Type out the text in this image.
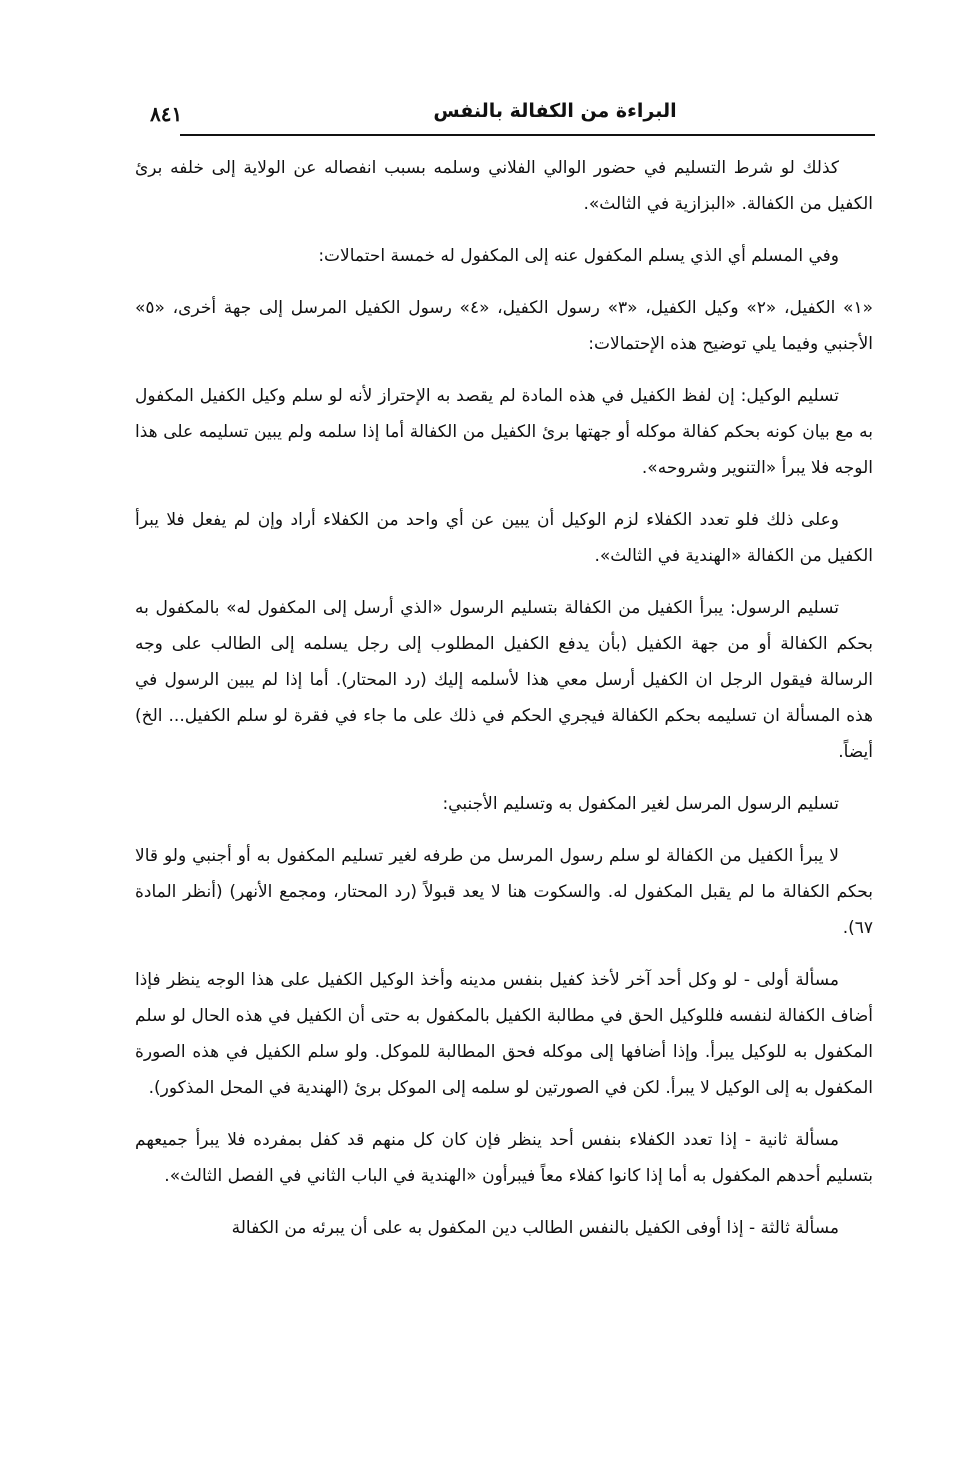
٨٤١	البراءة من الكفالة بالنفس

كذلك لو شرط التسليم في حضور الوالي الفلاني وسلمه بسبب انفصاله عن الولاية إلى خلفه برئ الكفيل من الكفالة. «البزازية في الثالث».

وفي المسلم أي الذي يسلم المكفول عنه إلى المكفول له خمسة احتمالات:

«١» الكفيل، «٢» وكيل الكفيل، «٣» رسول الكفيل، «٤» رسول الكفيل المرسل إلى جهة أخرى، «٥» الأجنبي وفيما يلي توضيح هذه الإحتمالات:

تسليم الوكيل: إن لفظ الكفيل في هذه المادة لم يقصد به الإحتراز لأنه لو سلم وكيل الكفيل المكفول به مع بيان كونه بحكم كفالة موكله أو جهتها برئ الكفيل من الكفالة أما إذا سلمه ولم يبين تسليمه على هذا الوجه فلا يبرأ «التنوير وشروحه».

وعلى ذلك فلو تعدد الكفلاء لزم الوكيل أن يبين عن أي واحد من الكفلاء أراد وإن لم يفعل فلا يبرأ الكفيل من الكفالة «الهندية في الثالث».

تسليم الرسول: يبرأ الكفيل من الكفالة بتسليم الرسول «الذي أرسل إلى المكفول له» بالمكفول به بحكم الكفالة أو من جهة الكفيل (بأن يدفع الكفيل المطلوب إلى رجل يسلمه إلى الطالب على وجه الرسالة فيقول الرجل ان الكفيل أرسل معي هذا لأسلمه إليك (رد المحتار). أما إذا لم يبين الرسول في هذه المسألة ان تسليمه بحكم الكفالة فيجري الحكم في ذلك على ما جاء في فقرة لو سلم الكفيل... الخ) أيضاً.

تسليم الرسول المرسل لغير المكفول به وتسليم الأجنبي:

لا يبرأ الكفيل من الكفالة لو سلم رسول المرسل من طرفه لغير تسليم المكفول به أو أجنبي ولو قالا بحكم الكفالة ما لم يقبل المكفول له. والسكوت هنا لا يعد قبولاً (رد المحتار، ومجمع الأنهر) (أنظر المادة ٦٧).

مسألة أولى - لو وكل أحد آخر لأخذ كفيل بنفس مدينه وأخذ الوكيل الكفيل على هذا الوجه ينظر فإذا أضاف الكفالة لنفسه فللوكيل الحق في مطالبة الكفيل بالمكفول به حتى أن الكفيل في هذه الحال لو سلم المكفول به للوكيل يبرأ. وإذا أضافها إلى موكله فحق المطالبة للموكل. ولو سلم الكفيل في هذه الصورة المكفول به إلى الوكيل لا يبرأ. لكن في الصورتين لو سلمه إلى الموكل برئ (الهندية في المحل المذكور).

مسألة ثانية - إذا تعدد الكفلاء بنفس أحد ينظر فإن كان كل منهم قد كفل بمفرده فلا يبرأ جميعهم بتسليم أحدهم المكفول به أما إذا كانوا كفلاء معاً فيبرأون «الهندية في الباب الثاني في الفصل الثالث».

مسألة ثالثة - إذا أوفى الكفيل بالنفس الطالب دين المكفول به على أن يبرئه من الكفالة
